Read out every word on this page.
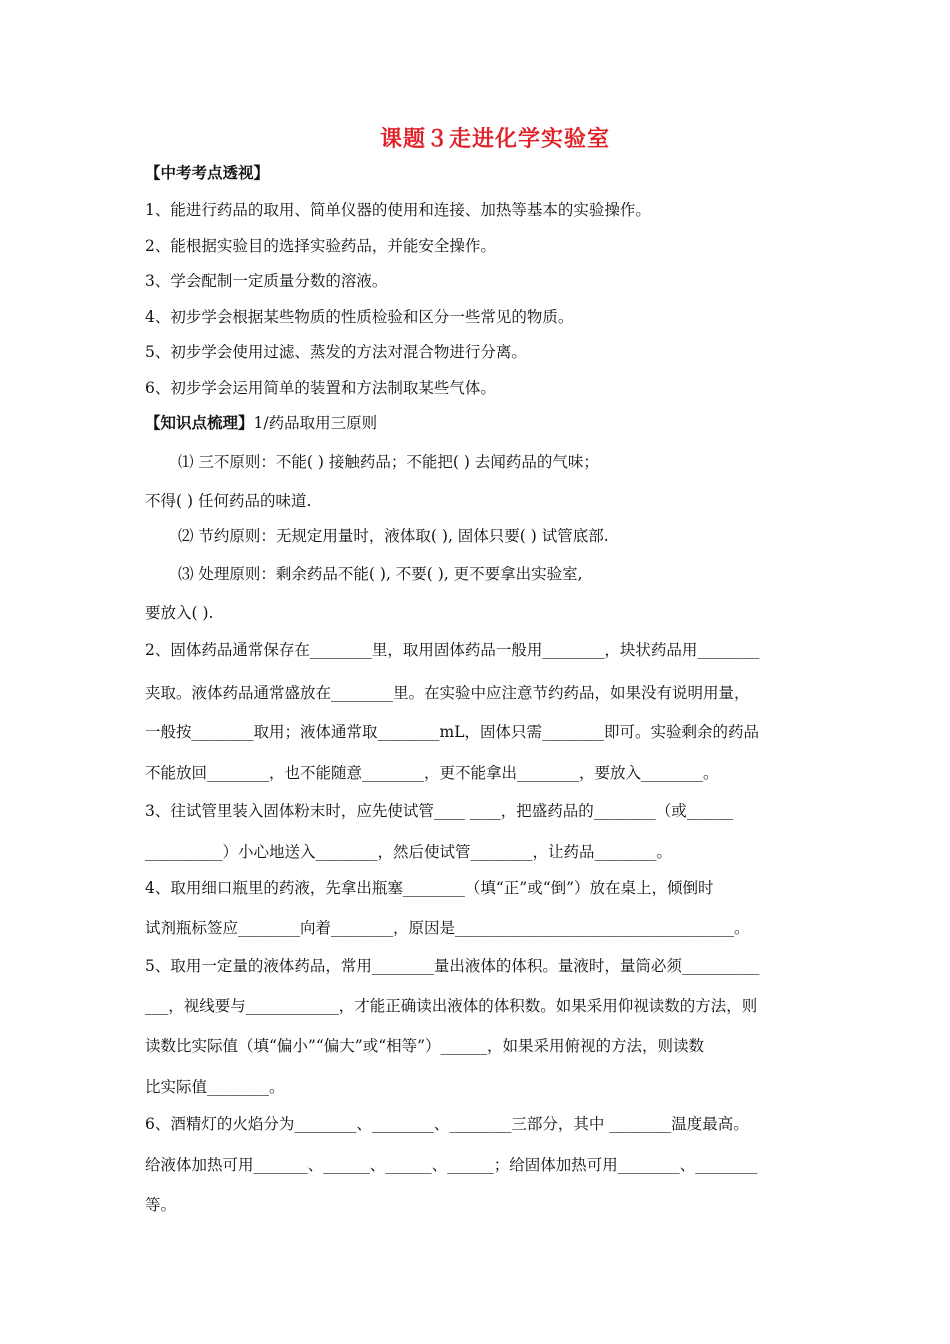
课题３走进化学实验室
【中考考点透视】
1、能进行药品的取用、简单仪器的使用和连接、加热等基本的实验操作。
2、能根据实验目的选择实验药品，并能安全操作。
3、学会配制一定质量分数的溶液。
4、初步学会根据某些物质的性质检验和区分一些常见的物质。
5、初步学会使用过滤、蒸发的方法对混合物进行分离。
6、初步学会运用简单的装置和方法制取某些气体。
【知识点梳理】1/药品取用三原则
⑴ 三不原则：不能( ) 接触药品；不能把( ) 去闻药品的气味；
不得( ) 任何药品的味道.
⑵ 节约原则：无规定用量时，液体取( ), 固体只要( ) 试管底部.
⑶ 处理原则：剩余药品不能( ), 不要( ), 更不要拿出实验室,
要放入( ).
2、固体药品通常保存在________里，取用固体药品一般用________，块状药品用________
夹取。液体药品通常盛放在________里。在实验中应注意节约药品，如果没有说明用量，
一般按________取用；液体通常取________mL，固体只需________即可。实验剩余的药品
不能放回________，也不能随意________，更不能拿出________，要放入________。
3、往试管里装入固体粉末时，应先使试管____ ____，把盛药品的________（或______
__________）小心地送入________，然后使试管________，让药品________。
4、取用细口瓶里的药液，先拿出瓶塞________（填“正”或“倒”）放在桌上，倾倒时
试剂瓶标签应________向着________，原因是____________________________________。
5、取用一定量的液体药品，常用________量出液体的体积。量液时，量筒必须__________
___，视线要与____________，才能正确读出液体的体积数。如果采用仰视读数的方法，则
读数比实际值（填“偏小”“偏大”或“相等”）______，如果采用俯视的方法，则读数
比实际值________。
6、酒精灯的火焰分为________、________、________三部分，其中 ________温度最高。
给液体加热可用_______、______、______、______；给固体加热可用________、________
等。
